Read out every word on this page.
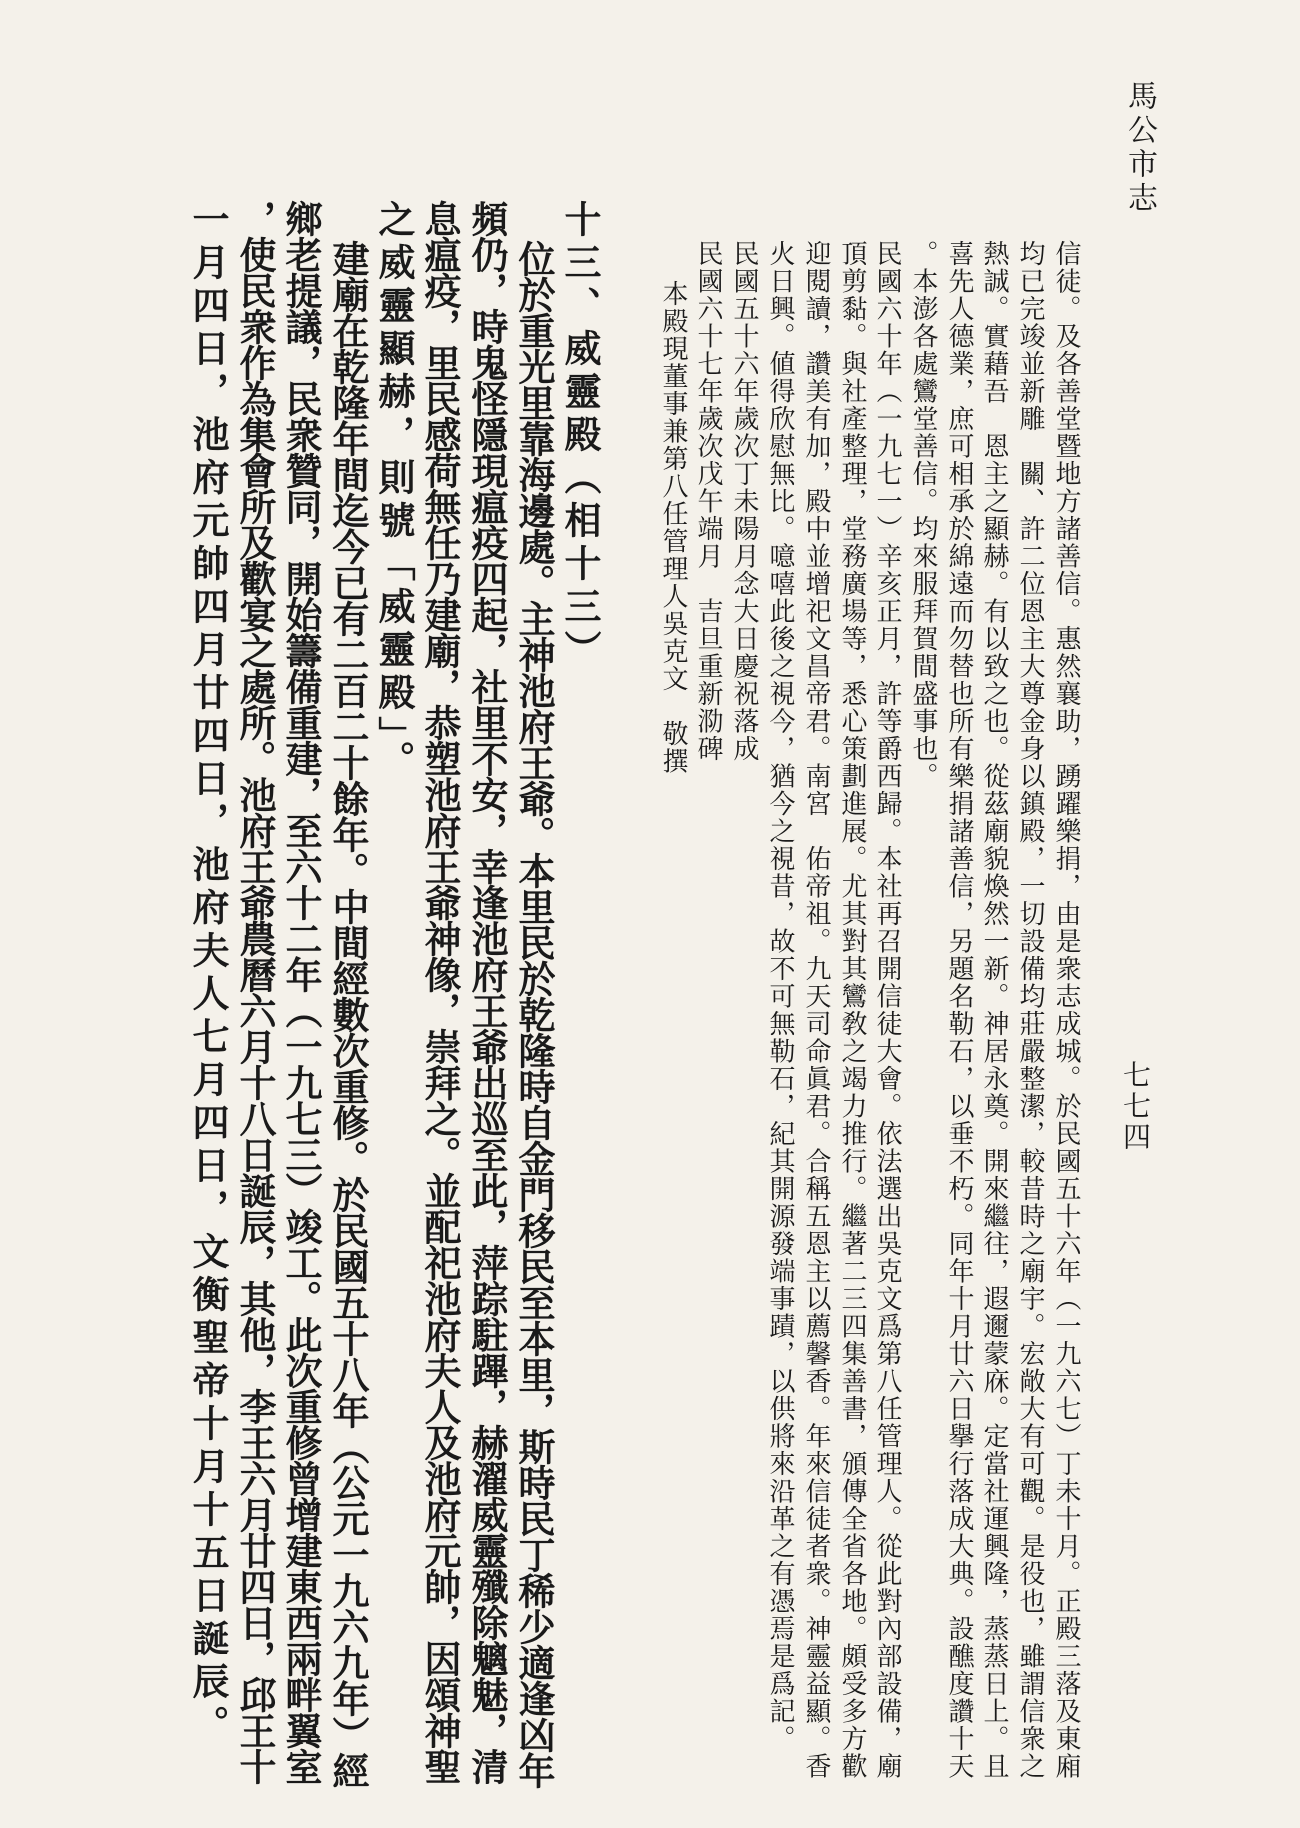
馬公市志
七七四
信徒。及各善堂暨地方諸善信。惠然襄助，踴躍樂捐，由是衆志成城。於民國五十六年（一九六七）丁未十月。正殿三落及東廂
均已完竣並新雕　關、許二位恩主大尊金身以鎮殿，一切設備均莊嚴整潔，較昔時之廟宇。宏敞大有可觀。是役也，雖謂信衆之
熱誠。實藉吾　恩主之顯赫。有以致之也。從茲廟貌煥然一新。神居永奠。開來繼往，遐邇蒙庥。定當社運興隆，蒸蒸日上。且
喜先人德業，庶可相承於綿遠而勿替也所有樂捐諸善信，另題名勒石，以垂不朽。同年十月廿六日擧行落成大典。設醮度讚十天
。本澎各處鸞堂善信。均來服拜賀間盛事也。
民國六十年（一九七一）辛亥正月，許等爵西歸。本社再召開信徒大會。依法選出吳克文爲第八任管理人。從此對內部設備，廟
頂剪黏。與社產整理，堂務廣場等，悉心策劃進展。尤其對其鸞敎之竭力推行。繼著二三四集善書，頒傳全省各地。頗受多方歡
迎閱讀，讚美有加，殿中並增祀文昌帝君。南宮　佑帝祖。九天司命眞君。合稱五恩主以薦馨香。年來信徒者衆。神靈益顯。香
火日興。値得欣慰無比。噫嘻此後之視今，猶今之視昔，故不可無勒石，紀其開源發端事蹟，以供將來沿革之有憑焉是爲記。
民國五十六年歲次丁未陽月念大日慶祝落成
民國六十七年歲次戊午端月　吉旦重新泐碑
本殿現董事兼第八任管理人吳克文　敬撰
十三、威靈殿（相十三）
位於重光里靠海邊處。主神池府王爺。本里民於乾隆時自金門移民至本里，斯時民丁稀少適逢凶年
頻仍，時鬼怪隱現瘟疫四起，社里不安，幸逢池府王爺出巡至此，萍踪駐蹕，赫濯威靈殲除魑魅，清
息瘟疫，里民感荷無任乃建廟，恭塑池府王爺神像，崇拜之。並配祀池府夫人及池府元帥，因頌神聖
之威靈顯赫，則號「威靈殿」。
建廟在乾隆年間迄今已有二百二十餘年。中間經數次重修。於民國五十八年（公元一九六九年）經
鄉老提議，民衆贊同，開始籌備重建，至六十二年（一九七三）竣工。此次重修曾增建東西兩畔翼室
，使民衆作為集會所及歡宴之處所。池府王爺農曆六月十八日誕辰，其他，李王六月廿四日，邱王十
一月四日，池府元帥四月廿四日，池府夫人七月四日，文衡聖帝十月十五日誕辰。
